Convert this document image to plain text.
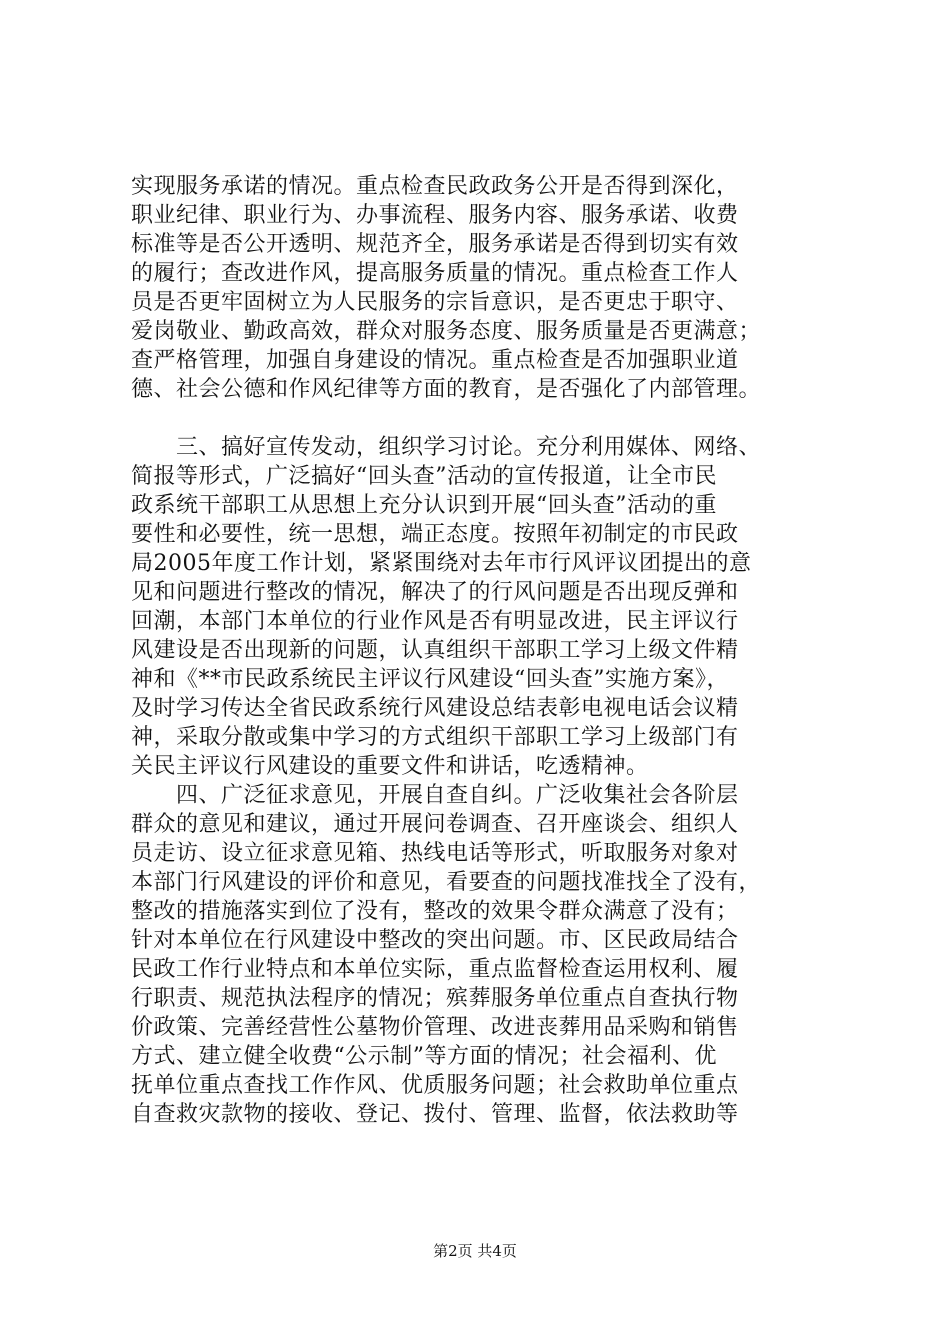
实现服务承诺的情况。重点检查民政政务公开是否得到深化，
职业纪律、职业行为、办事流程、服务内容、服务承诺、收费
标准等是否公开透明、规范齐全，服务承诺是否得到切实有效
的履行；查改进作风，提高服务质量的情况。重点检查工作人
员是否更牢固树立为人民服务的宗旨意识，是否更忠于职守、
爱岗敬业、勤政高效，群众对服务态度、服务质量是否更满意；
查严格管理，加强自身建设的情况。重点检查是否加强职业道
德、社会公德和作风纪律等方面的教育，是否强化了内部管理。
　　三、搞好宣传发动，组织学习讨论。充分利用媒体、网络、
简报等形式，广泛搞好“回头查”活动的宣传报道，让全市民
政系统干部职工从思想上充分认识到开展“回头查”活动的重
要性和必要性，统一思想，端正态度。按照年初制定的市民政
局2005年度工作计划，紧紧围绕对去年市行风评议团提出的意
见和问题进行整改的情况，解决了的行风问题是否出现反弹和
回潮，本部门本单位的行业作风是否有明显改进，民主评议行
风建设是否出现新的问题，认真组织干部职工学习上级文件精
神和《**市民政系统民主评议行风建设“回头查”实施方案》，
及时学习传达全省民政系统行风建设总结表彰电视电话会议精
神，采取分散或集中学习的方式组织干部职工学习上级部门有
关民主评议行风建设的重要文件和讲话，吃透精神。
　　四、广泛征求意见，开展自查自纠。广泛收集社会各阶层
群众的意见和建议，通过开展问卷调查、召开座谈会、组织人
员走访、设立征求意见箱、热线电话等形式，听取服务对象对
本部门行风建设的评价和意见，看要查的问题找准找全了没有，
整改的措施落实到位了没有，整改的效果令群众满意了没有；
针对本单位在行风建设中整改的突出问题。市、区民政局结合
民政工作行业特点和本单位实际，重点监督检查运用权利、履
行职责、规范执法程序的情况；殡葬服务单位重点自查执行物
价政策、完善经营性公墓物价管理、改进丧葬用品采购和销售
方式、建立健全收费“公示制”等方面的情况；社会福利、优
抚单位重点查找工作作风、优质服务问题；社会救助单位重点
自查救灾款物的接收、登记、拨付、管理、监督，依法救助等
第2页 共4页
